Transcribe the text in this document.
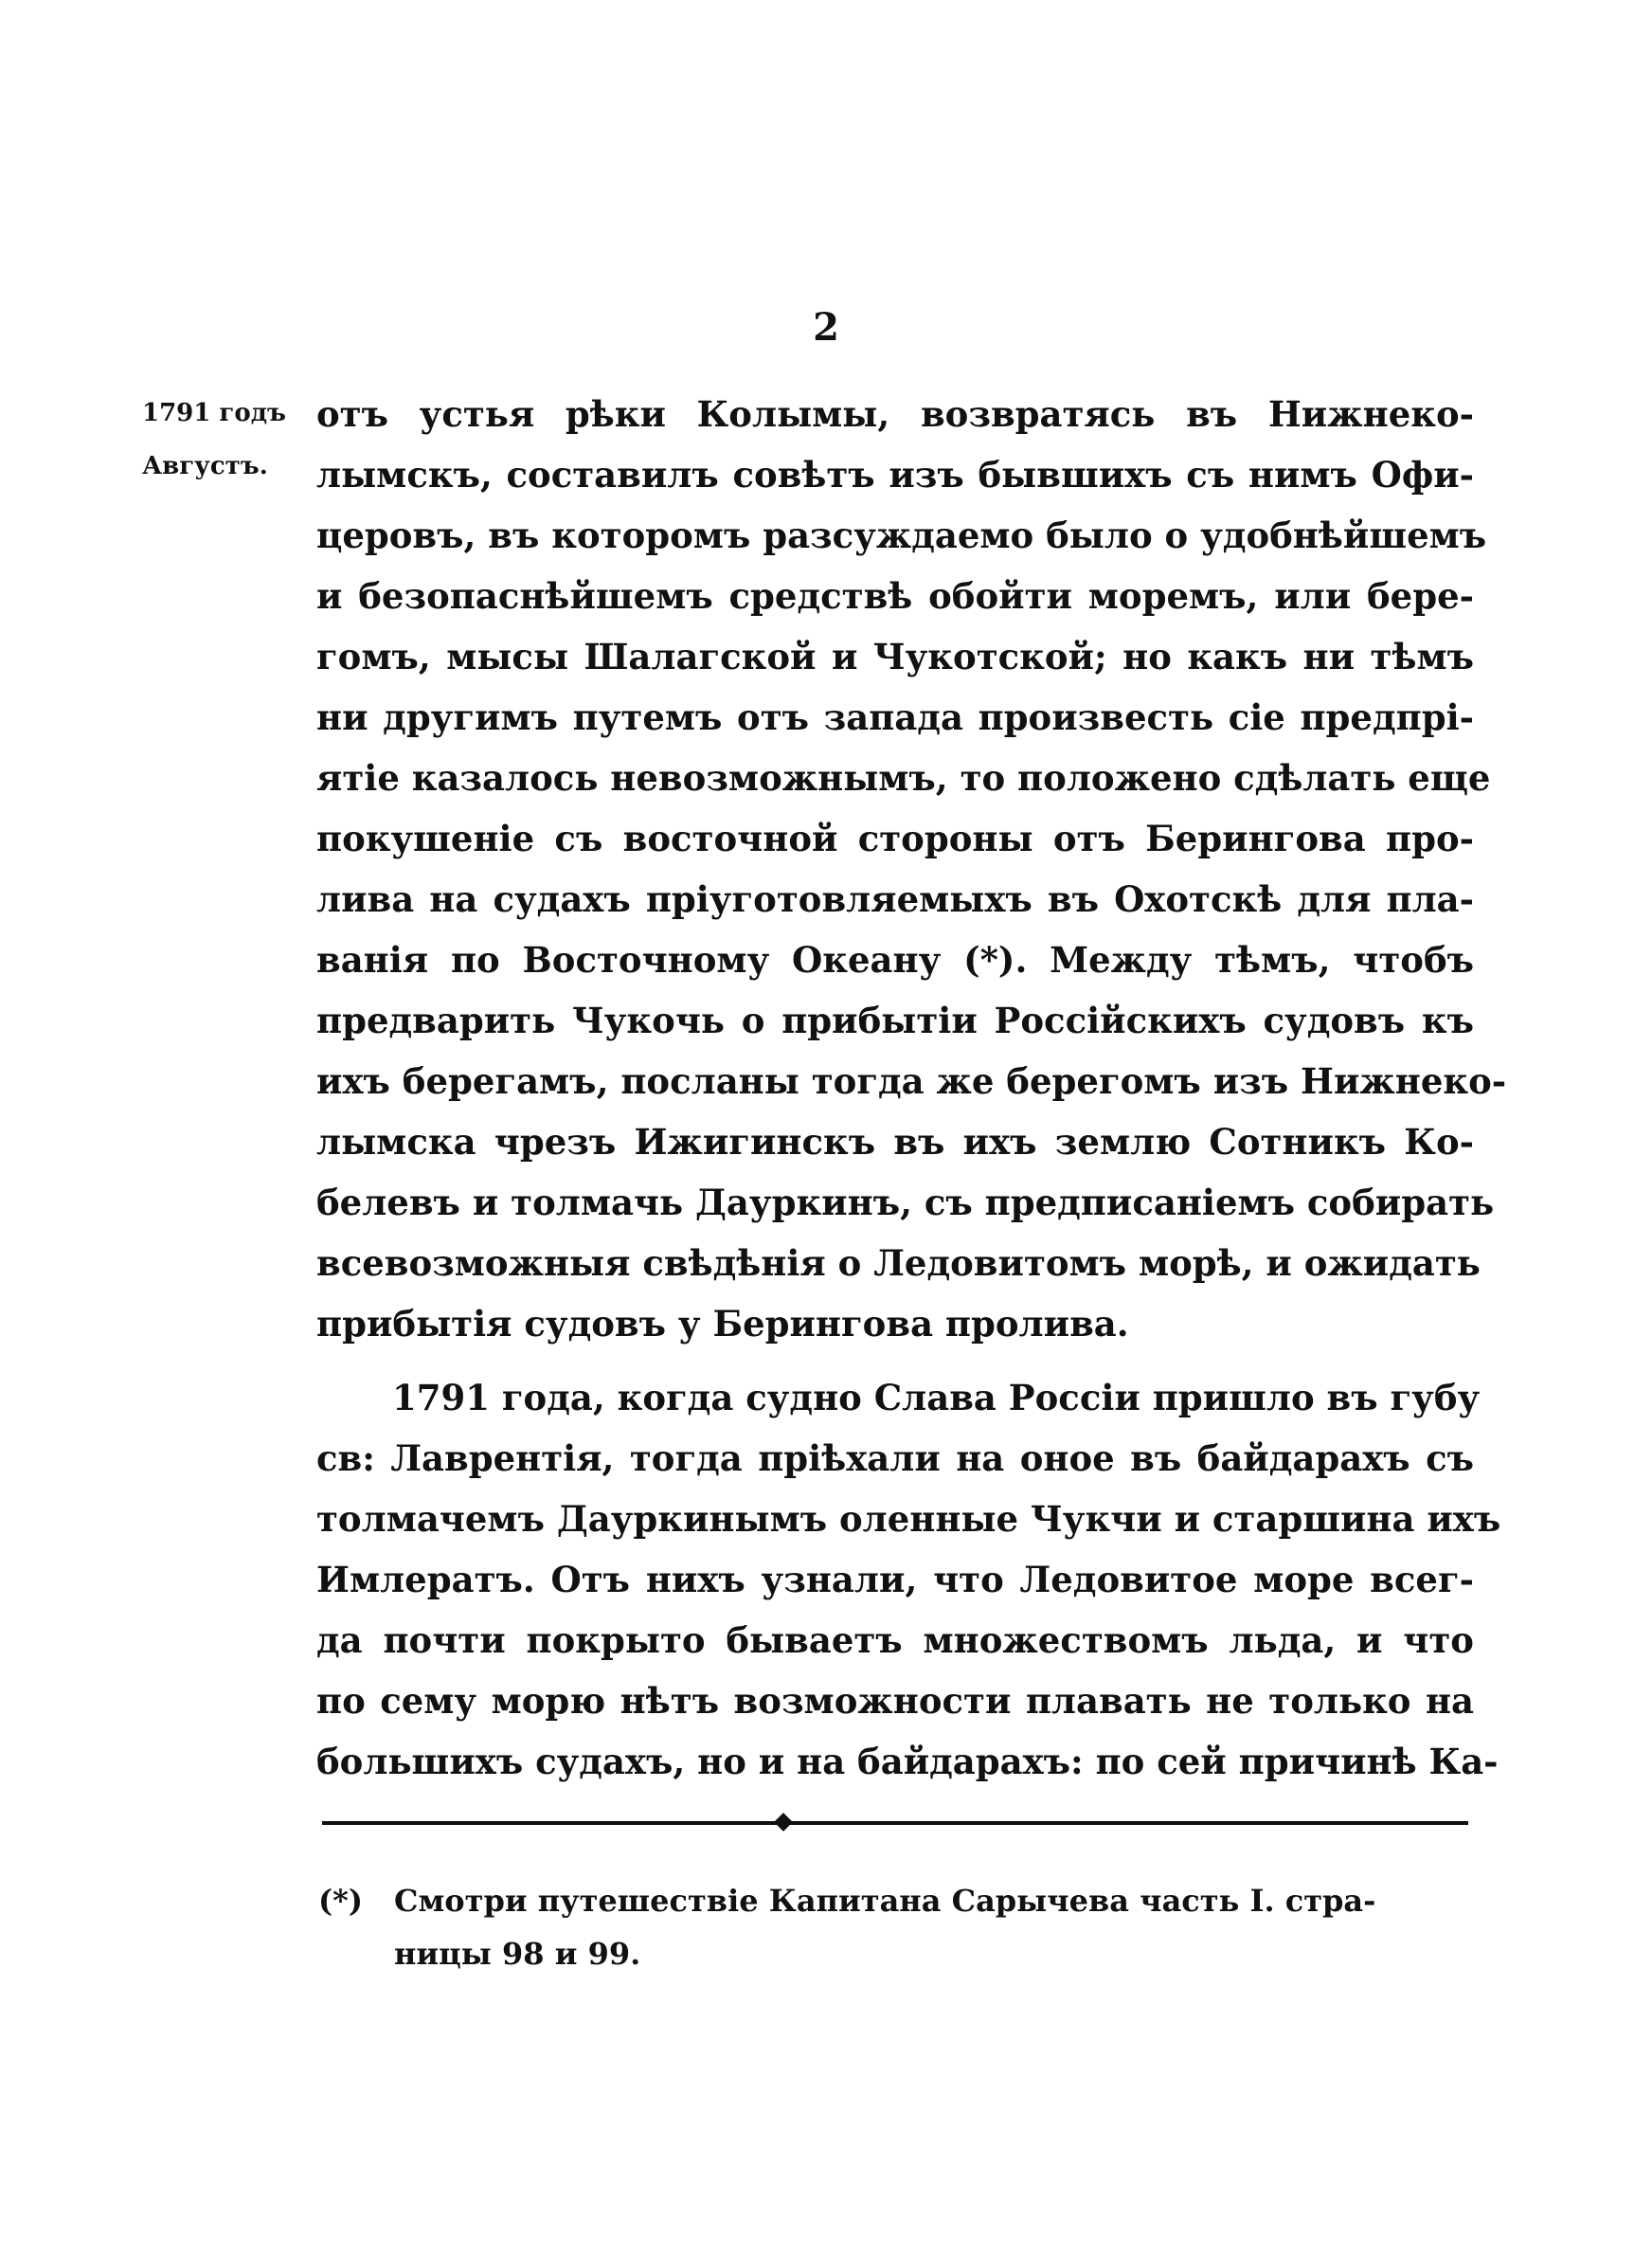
2
1791 годъ
Августъ.
отъ устья рѣки Колымы, возвратясь въ Нижнеко-
лымскъ, составилъ совѣтъ изъ бывшихъ съ нимъ Офи-
церовъ, въ которомъ разсуждаемо было о удобнѣйшемъ
и безопаснѣйшемъ средствѣ обойти моремъ, или бере-
гомъ, мысы Шалагской и Чукотской; но какъ ни тѣмъ
ни другимъ путемъ отъ запада произвесть сіе предпрі-
ятіе казалось невозможнымъ, то положено сдѣлать еще
покушеніе съ восточной стороны отъ Берингова про-
лива на судахъ пріуготовляемыхъ въ Охотскѣ для пла-
ванія по Восточному Океану (*). Между тѣмъ, чтобъ
предварить Чукочь о прибытіи Россійскихъ судовъ къ
ихъ берегамъ, посланы тогда же берегомъ изъ Нижнеко-
лымска чрезъ Ижигинскъ въ ихъ землю Сотникъ Ко-
белевъ и толмачь Дауркинъ, съ предписаніемъ собирать
всевозможныя свѣдѣнія о Ледовитомъ морѣ, и ожидать
прибытія судовъ у Берингова пролива.
1791 года, когда судно Слава Россіи пришло въ губу
св: Лаврентія, тогда пріѣхали на оное въ байдарахъ съ
толмачемъ Дауркинымъ оленные Чукчи и старшина ихъ
Имлератъ. Отъ нихъ узнали, что Ледовитое море всег-
да почти покрыто бываетъ множествомъ льда, и что
по сему морю нѣтъ возможности плавать не только на
большихъ судахъ, но и на байдарахъ: по сей причинѣ Ка-
(*) Смотри путешествіе Капитана Сарычева часть I. стра-
ницы 98 и 99.
